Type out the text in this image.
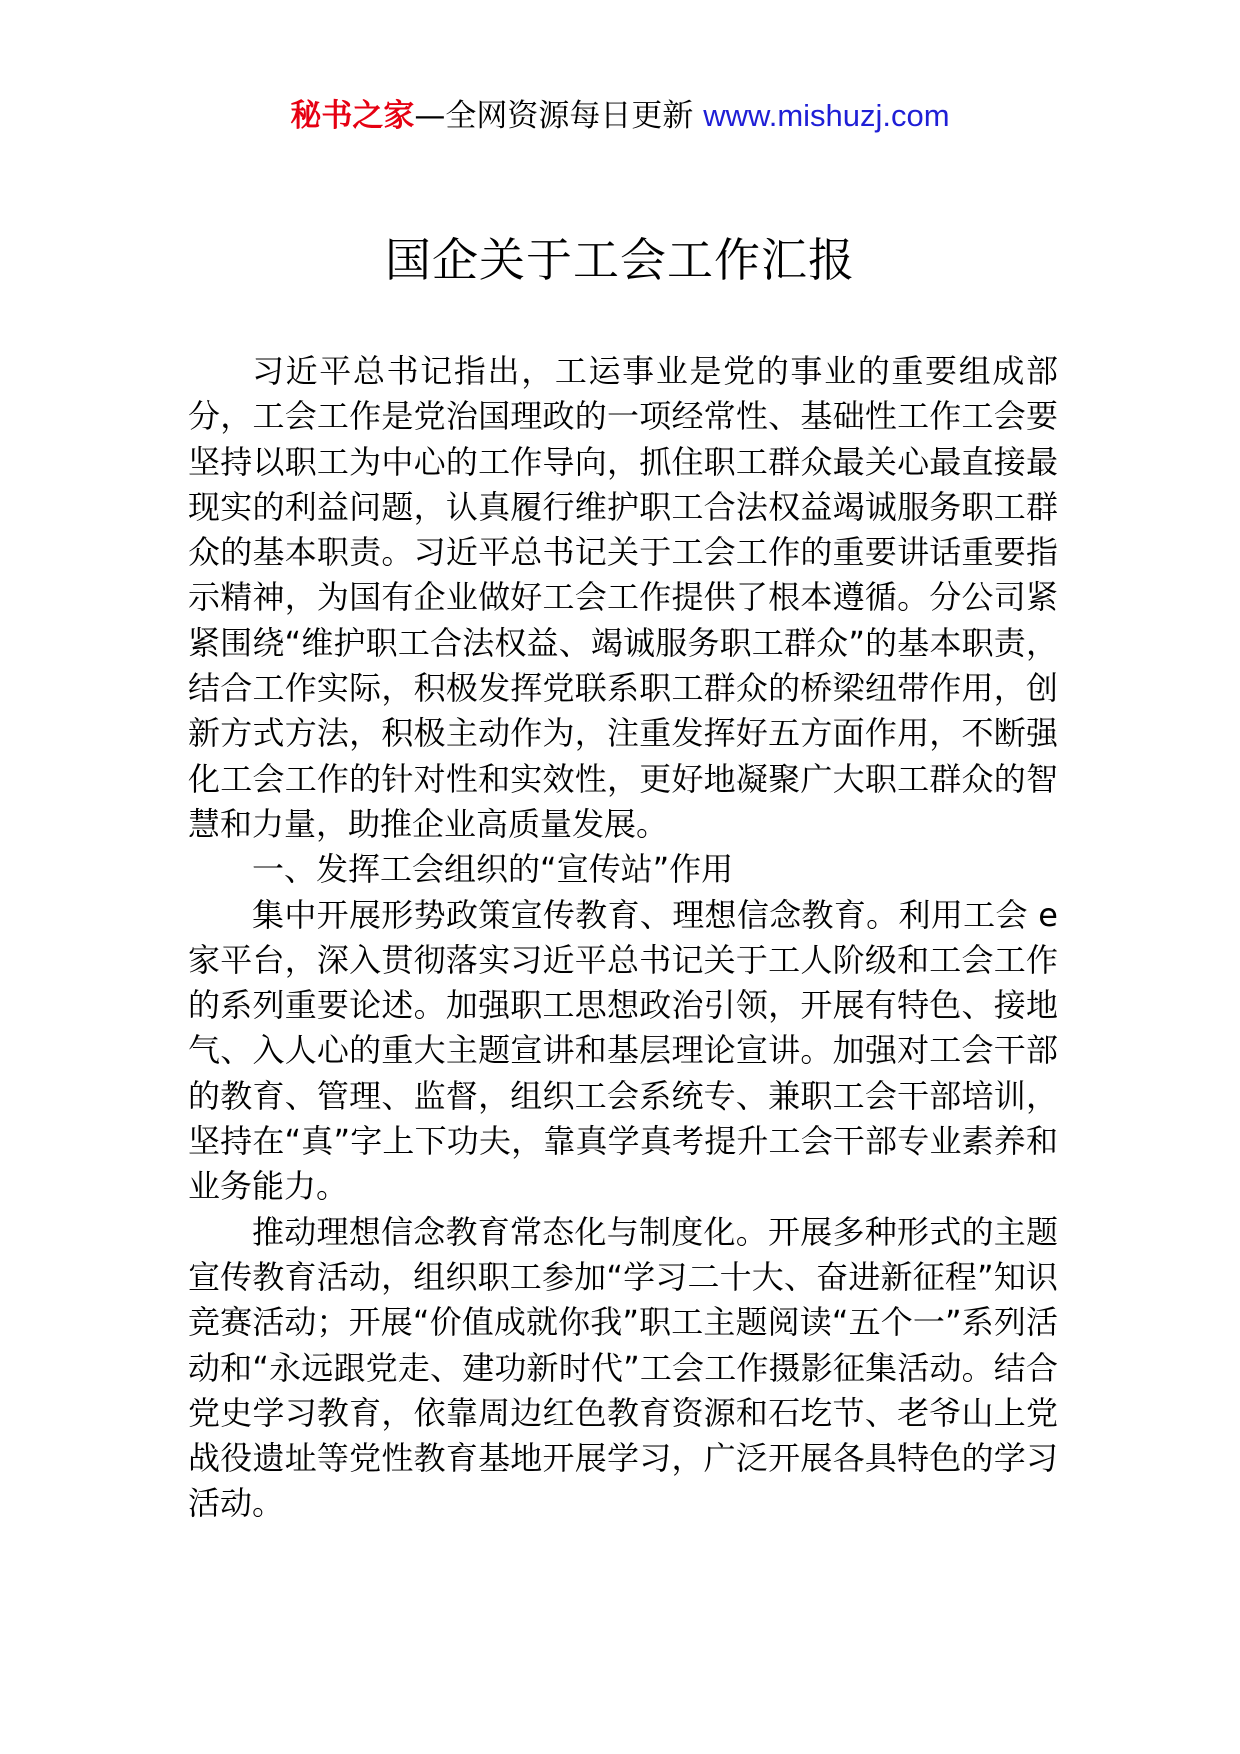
秘书之家—全网资源每日更新 www.mishuzj.com
国企关于工会工作汇报

习近平总书记指出，工运事业是党的事业的重要组成部分，工会工作是党治国理政的一项经常性、基础性工作工会要坚持以职工为中心的工作导向，抓住职工群众最关心最直接最现实的利益问题，认真履行维护职工合法权益竭诚服务职工群众的基本职责。习近平总书记关于工会工作的重要讲话重要指示精神，为国有企业做好工会工作提供了根本遵循。分公司紧紧围绕“维护职工合法权益、竭诚服务职工群众”的基本职责，结合工作实际，积极发挥党联系职工群众的桥梁纽带作用，创新方式方法，积极主动作为，注重发挥好五方面作用，不断强化工会工作的针对性和实效性，更好地凝聚广大职工群众的智慧和力量，助推企业高质量发展。

一、发挥工会组织的“宣传站”作用

集中开展形势政策宣传教育、理想信念教育。利用工会 e 家平台，深入贯彻落实习近平总书记关于工人阶级和工会工作的系列重要论述。加强职工思想政治引领，开展有特色、接地气、入人心的重大主题宣讲和基层理论宣讲。加强对工会干部的教育、管理、监督，组织工会系统专、兼职工会干部培训，坚持在“真”字上下功夫，靠真学真考提升工会干部专业素养和业务能力。

推动理想信念教育常态化与制度化。开展多种形式的主题宣传教育活动，组织职工参加“学习二十大、奋进新征程”知识竞赛活动；开展“价值成就你我”职工主题阅读“五个一”系列活动和“永远跟党走、建功新时代”工会工作摄影征集活动。结合党史学习教育，依靠周边红色教育资源和石圪节、老爷山上党战役遗址等党性教育基地开展学习，广泛开展各具特色的学习活动。
